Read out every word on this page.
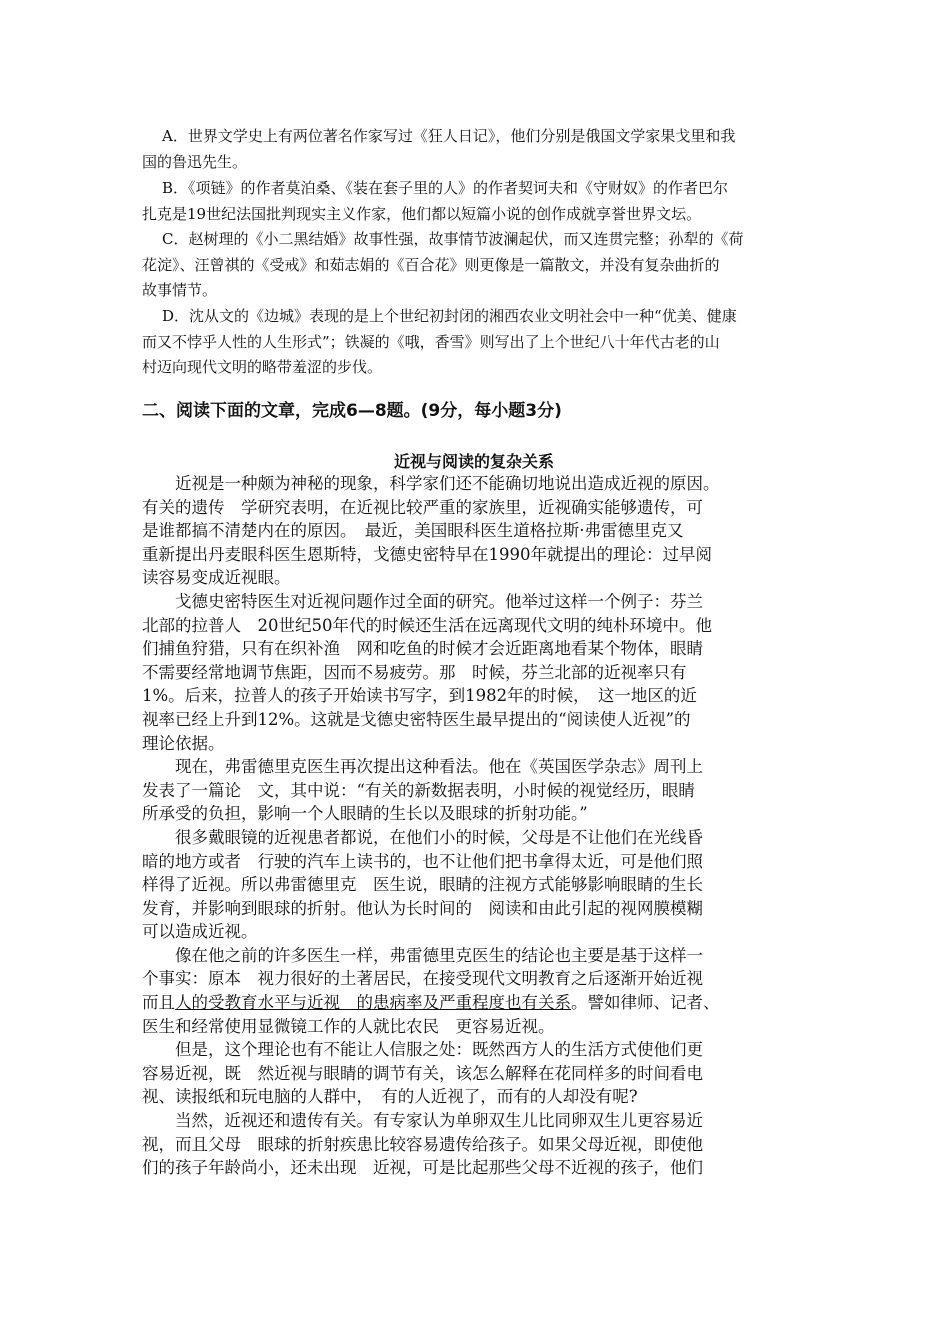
A．世界文学史上有两位著名作家写过《狂人日记》，他们分别是俄国文学家果戈里和我
国的鲁迅先生。
B．《项链》的作者莫泊桑、《装在套子里的人》的作者契诃夫和《守财奴》的作者巴尔
扎克是19世纪法国批判现实主义作家，他们都以短篇小说的创作成就享誉世界文坛。
C．赵树理的《小二黑结婚》故事性强，故事情节波澜起伏，而又连贯完整；孙犁的《荷
花淀》、汪曾祺的《受戒》和茹志娟的《百合花》则更像是一篇散文，并没有复杂曲折的
故事情节。
D．沈从文的《边城》表现的是上个世纪初封闭的湘西农业文明社会中一种“优美、健康
而又不悖乎人性的人生形式”；铁凝的《哦，香雪》则写出了上个世纪八十年代古老的山
村迈向现代文明的略带羞涩的步伐。
二、阅读下面的文章，完成6—8题。(9分，每小题3分)
近视与阅读的复杂关系
近视是一种颇为神秘的现象，科学家们还不能确切地说出造成近视的原因。
有关的遗传　学研究表明，在近视比较严重的家族里，近视确实能够遗传，可
是谁都搞不清楚内在的原因。　最近，美国眼科医生道格拉斯·弗雷德里克又
重新提出丹麦眼科医生恩斯特，戈德史密特早在1990年就提出的理论：过早阅
读容易变成近视眼。
戈德史密特医生对近视问题作过全面的研究。他举过这样一个例子：芬兰
北部的拉普人　20世纪50年代的时候还生活在远离现代文明的纯朴环境中。他
们捕鱼狩猎，只有在织补渔　网和吃鱼的时候才会近距离地看某个物体，眼睛
不需要经常地调节焦距，因而不易疲劳。那　时候，芬兰北部的近视率只有
1%。后来，拉普人的孩子开始读书写字，到1982年的时候，　这一地区的近
视率已经上升到12%。这就是戈德史密特医生最早提出的“阅读使人近视”的
理论依据。
现在，弗雷德里克医生再次提出这种看法。他在《英国医学杂志》周刊上
发表了一篇论　文，其中说：“有关的新数据表明，小时候的视觉经历，眼睛
所承受的负担，影响一个人眼睛的生长以及眼球的折射功能。”
很多戴眼镜的近视患者都说，在他们小的时候，父母是不让他们在光线昏
暗的地方或者　行驶的汽车上读书的，也不让他们把书拿得太近，可是他们照
样得了近视。所以弗雷德里克　医生说，眼睛的注视方式能够影响眼睛的生长
发育，并影响到眼球的折射。他认为长时间的　阅读和由此引起的视网膜模糊
可以造成近视。
像在他之前的许多医生一样，弗雷德里克医生的结论也主要是基于这样一
个事实：原本　视力很好的土著居民，在接受现代文明教育之后逐渐开始近视
而且人的受教育水平与近视　的患病率及严重程度也有关系。譬如律师、记者、
医生和经常使用显微镜工作的人就比农民　更容易近视。
但是，这个理论也有不能让人信服之处：既然西方人的生活方式使他们更
容易近视，既　然近视与眼睛的调节有关，该怎么解释在花同样多的时间看电
视、读报纸和玩电脑的人群中，　有的人近视了，而有的人却没有呢?
当然，近视还和遗传有关。有专家认为单卵双生儿比同卵双生儿更容易近
视，而且父母　眼球的折射疾患比较容易遗传给孩子。如果父母近视，即使他
们的孩子年龄尚小，还未出现　近视，可是比起那些父母不近视的孩子，他们
